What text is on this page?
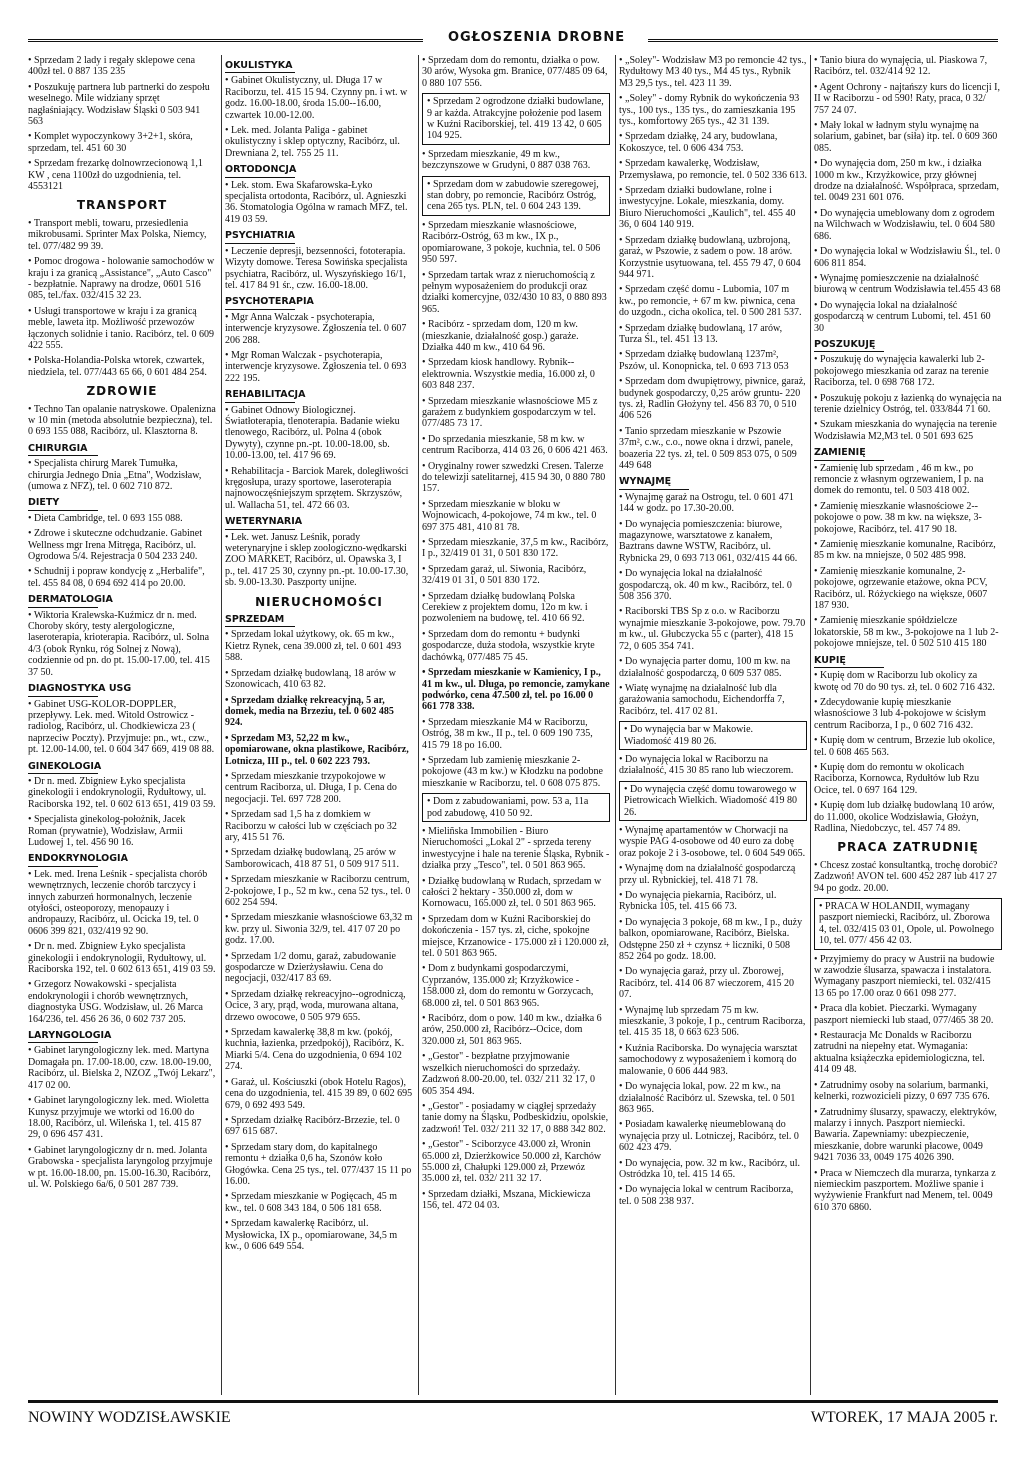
OGŁOSZENIA DROBNE
• Sprzedam 2 lady i regały sklepowe cena 400zł tel. 0 887 135 235
• Poszukuję partnera lub partnerki do zespołu weselnego. Mile widziany sprzęt nagłaśniający. Wodzisław Śląski 0 503 941 563
• Komplet wypoczynkowy 3+2+1, skóra, sprzedam, tel. 451 60 30
• Sprzedam frezarkę dolnowrzecionową 1,1 KW , cena 1100zł do uzgodnienia, tel. 4553121
TRANSPORT
• Transport mebli, towaru, przesiedlenia mikrobusami. Sprinter Max Polska, Niemcy, tel. 077/482 99 39.
• Pomoc drogowa - holowanie samochodów w kraju i za granicą „Assistance", „Auto Casco" - bezpłatnie. Naprawy na drodze, 0601 516 085, tel./fax. 032/415 32 23.
• Usługi transportowe w kraju i za granicą meble, laweta itp. Możliwość przewozów łączonych solidnie i tanio. Racibórz, tel. 0 609 422 555.
• Polska-Holandia-Polska wtorek, czwartek, niedziela, tel. 077/443 65 66, 0 601 484 254.
ZDROWIE
• Techno Tan opalanie natryskowe. Opalenizna w 10 min (metoda absolutnie bezpieczna), tel. 0 693 155 088, Racibórz, ul. Klasztorna 8.
CHIRURGIA
• Specjalista chirurg Marek Tumułka, chirurgia Jednego Dnia „Etna", Wodzisław, (umowa z NFZ), tel. 0 602 710 872.
DIETY
• Dieta Cambridge, tel. 0 693 155 088.
• Zdrowe i skuteczne odchudzanie. Gabinet Wellness mgr Irena Mitręga, Racibórz, ul. Ogrodowa 5/4. Rejestracja 0 504 233 240.
• Schudnij i popraw kondycję z „Herbalife", tel. 455 84 08, 0 694 692 414 po 20.00.
DERMATOLOGIA
• Wiktoria Kralewska-Kuźmicz dr n. med. Choroby skóry, testy alergologiczne, laseroterapia, krioterapia. Racibórz, ul. Solna 4/3 (obok Rynku, róg Solnej z Nową), codziennie od pn. do pt. 15.00-17.00, tel. 415 37 50.
DIAGNOSTYKA USG
• Gabinet USG-KOLOR-DOPPLER, przepływy. Lek. med. Witold Ostrowicz - radiolog, Racibórz, ul. Chodkiewicza 23 ( naprzeciw Poczty). Przyjmuje: pn., wt., czw., pt. 12.00-14.00, tel. 0 604 347 669, 419 08 88.
GINEKOLOGIA
• Dr n. med. Zbigniew Łyko specjalista ginekologii i endokrynologii, Rydułtowy, ul. Raciborska 192, tel. 0 602 613 651, 419 03 59.
• Specjalista ginekolog-położnik, Jacek Roman (prywatnie), Wodzisław, Armii Ludowej 1, tel. 456 90 16.
ENDOKRYNOLOGIA
• Lek. med. Irena Leśnik - specjalista chorób wewnętrznych, leczenie chorób tarczycy i innych zaburzeń hormonalnych, leczenie otyłości, osteoporozy, menopauzy i andropauzy, Racibórz, ul. Ocicka 19, tel. 0 0606 399 821, 032/419 92 90.
• Dr n. med. Zbigniew Łyko specjalista ginekologii i endokrynologii, Rydułtowy, ul. Raciborska 192, tel. 0 602 613 651, 419 03 59.
• Grzegorz Nowakowski - specjalista endokrynologii i chorób wewnętrznych, diagnostyka USG. Wodzisław, ul. 26 Marca 164/236, tel. 456 26 36, 0 602 737 205.
LARYNGOLOGIA
• Gabinet laryngologiczny lek. med. Martyna Domagała pn. 17.00-18.00, czw. 18.00-19.00, Racibórz, ul. Bielska 2, NZOZ „Twój Lekarz", 417 02 00.
• Gabinet laryngologiczny lek. med. Wioletta Kunysz przyjmuje we wtorki od 16.00 do 18.00, Racibórz, ul. Wileńska 1, tel. 415 87 29, 0 696 457 431.
• Gabinet laryngologiczny dr n. med. Jolanta Grabowska - specjalista laryngolog przyjmuje w pt. 16.00-18.00, pn. 15.00-16.30, Racibórz, ul. W. Polskiego 6a/6, 0 501 287 739.
OKULISTYKA
• Gabinet Okulistyczny, ul. Długa 17 w Raciborzu, tel. 415 15 94. Czynny pn. i wt. w godz. 16.00-18.00, środa 15.00--16.00, czwartek 10.00-12.00.
• Lek. med. Jolanta Paliga - gabinet okulistyczny i sklep optyczny, Racibórz, ul. Drewniana 2, tel. 755 25 11.
ORTODONCJA
• Lek. stom. Ewa Skafarowska-Łyko specjalista ortodonta, Racibórz, ul. Agnieszki 36. Stomatologia Ogólna w ramach MFZ, tel. 419 03 59.
PSYCHIATRIA
• Leczenie depresji, bezsenności, fototerapia. Wizyty domowe. Teresa Sowińska specjalista psychiatra, Racibórz, ul. Wyszyńskiego 16/1, tel. 417 84 91 śr., czw. 16.00-18.00.
PSYCHOTERAPIA
• Mgr Anna Walczak - psychoterapia, interwencje kryzysowe. Zgłoszenia tel. 0 607 206 288.
• Mgr Roman Walczak - psychoterapia, interwencje kryzysowe. Zgłoszenia tel. 0 693 222 195.
REHABILITACJA
• Gabinet Odnowy Biologicznej. Światłoterapia, tlenoterapia. Badanie wieku tlenowego, Racibórz, ul. Polna 4 (obok Dywyty), czynne pn.-pt. 10.00-18.00, sb. 10.00-13.00, tel. 417 96 69.
• Rehabilitacja - Barciok Marek, doległiwości kręgosłupa, urazy sportowe, laseroterapia najnowoczęśniejszym sprzętem. Skrzyszów, ul. Wallacha 51, tel. 472 66 03.
WETERYNARIA
• Lek. wet. Janusz Leśnik, porady weterynaryjne i sklep zoologiczno-wędkarski ZOO MARKET, Racibórz, ul. Opawska 3, I p., tel. 417 25 30, czynny pn.-pt. 10.00-17.30, sb. 9.00-13.30. Paszporty unijne.
NIERUCHOMOŚCI
SPRZEDAM
• Sprzedam lokal użytkowy, ok. 65 m kw., Kietrz Rynek, cena 39.000 zł, tel. 0 601 493 588.
• Sprzedam działkę budowlaną, 18 arów w Szonowicach, 410 63 82.
• Sprzedam działkę rekreacyjną, 5 ar, domek, media na Brzeziu, tel. 0 602 485 924.
• Sprzedam M3, 52,22 m kw., opomiarowane, okna plastikowe, Racibórz, Lotnicza, III p., tel. 0 602 223 793.
• Sprzedam mieszkanie trzypokojowe w centrum Raciborza, ul. Długa, I p. Cena do negocjacji. Tel. 697 728 200.
• Sprzedam sad 1,5 ha z domkiem w Raciborzu w całości lub w częściach po 32 ary, 415 51 76.
• Sprzedam działkę budowlaną, 25 arów w Samborowicach, 418 87 51, 0 509 917 511.
• Sprzedam mieszkanie w Raciborzu centrum, 2-pokojowe, I p., 52 m kw., cena 52 tys., tel. 0 602 254 594.
• Sprzedam mieszkanie własnościowe 63,32 m kw. przy ul. Siwonia 32/9, tel. 417 07 20 po godz. 17.00.
• Sprzedam 1/2 domu, garaż, zabudowanie gospodarcze w Dzierżysławiu. Cena do negocjacji, 032/417 83 69.
• Sprzedam działkę rekreacyjno--ogrodniczą, Ocice, 3 ary, prąd, woda, murowana altana, drzewo owocowe, 0 505 979 655.
• Sprzedam kawalerkę 38,8 m kw. (pokój, kuchnia, łazienka, przedpokój), Racibórz, K. Miarki 5/4. Cena do uzgodnienia, 0 694 102 274.
• Garaż, ul. Kościuszki (obok Hotelu Ragos), cena do uzgodnienia, tel. 415 39 89, 0 602 695 679, 0 692 493 549.
• Sprzedam działkę Racibórz-Brzezie, tel. 0 697 615 687.
• Sprzedam stary dom, do kapitalnego remontu + działka 0,6 ha, Szonów koło Głogówka. Cena 25 tys., tel. 077/437 15 11 po 16.00.
• Sprzedam mieszkanie w Pogięcach, 45 m kw., tel. 0 608 343 184, 0 506 181 658.
• Sprzedam kawalerkę Racibórz, ul. Mysłowicka, IX p., opomiarowane, 34,5 m kw., 0 606 649 554.
• Sprzedam dom do remontu, działka o pow. 30 arów, Wysoka gm. Branice, 077/485 09 64, 0 880 107 556.
• Sprzedam 2 ogrodzone działki budowlane, 9 ar każda. Atrakcyjne położenie pod lasem w Kuźni Raciborskiej, tel. 419 13 42, 0 605 104 925.
• Sprzedam mieszkanie, 49 m kw., bezczynszowe w Grudyni, 0 887 038 763.
• Sprzedam dom w zabudowie szeregowej, stan dobry, po remoncie, Racibórz Ostróg, cena 265 tys. PLN, tel. 0 604 243 139.
• Sprzedam mieszkanie własnościowe, Racibórz-Ostróg, 63 m kw., IX p., opomiarowane, 3 pokoje, kuchnia, tel. 0 506 950 597.
• Sprzedam tartak wraz z nieruchomością z pełnym wyposażeniem do produkcji oraz działki komercyjne, 032/430 10 83, 0 880 893 965.
• Racibórz - sprzedam dom, 120 m kw. (mieszkanie, działalność gosp.) garaże. Działka 440 m kw., 410 64 96.
• Sprzedam kiosk handlowy. Rybnik--elektrownia. Wszystkie media, 16.000 zł, 0 603 848 237.
• Sprzedam mieszkanie własnościowe M5 z garażem z budynkiem gospodarczym w tel. 077/485 73 17.
• Do sprzedania mieszkanie, 58 m kw. w centrum Raciborza, 414 03 26, 0 606 421 463.
• Oryginalny rower szwedzki Cresen. Talerze do telewizji satelitarnej, 415 94 30, 0 880 780 157.
• Sprzedam mieszkanie w bloku w Wojnowicach, 4-pokojowe, 74 m kw., tel. 0 697 375 481, 410 81 78.
• Sprzedam mieszkanie, 37,5 m kw., Racibórz, I p., 32/419 01 31, 0 501 830 172.
• Sprzedam garaż, ul. Siwonia, Racibórz, 32/419 01 31, 0 501 830 172.
• Sprzedam działkę budowlaną Polska Cerekiew z projektem domu, 12o m kw. i pozwoleniem na budowę, tel. 410 66 92.
• Sprzedam dom do remontu + budynki gospodarcze, duża stodoła, wszystkie kryte dachówką, 077/485 75 45.
• Sprzedam mieszkanie w Kamienicy, I p., 41 m kw., ul. Długa, po remoncie, zamykane podwórko, cena 47.500 zł, tel. po 16.00 0 661 778 338.
• Sprzedam mieszkanie M4 w Raciborzu, Ostróg, 38 m kw., II p., tel. 0 609 190 735, 415 79 18 po 16.00.
• Sprzedam lub zamienię mieszkanie 2-pokojowe (43 m kw.) w Kłodzku na podobne mieszkanie w Raciborzu, tel. 0 608 075 875.
• Dom z zabudowaniami, pow. 53 a, 11a pod zabudowę, 410 50 92.
• Mieliñska Immobilien - Biuro Nieruchomości „Lokal 2" - sprzeda tereny inwestycyjne i hale na terenie Śląska, Rybnik - działka przy „Tesco", tel. 0 501 863 965.
• Działkę budowlaną w Rudach, sprzedam w całości 2 hektary - 350.000 zł, dom w Kornowacu, 165.000 zł, tel. 0 501 863 965.
• Sprzedam dom w Kuźni Raciborskiej do dokończenia - 157 tys. zł, ciche, spokojne miejsce, Krzanowice - 175.000 zł i 120.000 zł, tel. 0 501 863 965.
• Dom z budynkami gospodarczymi, Cyprzanów, 135.000 zł; Krzyżkowice - 158.000 zł, dom do remontu w Gorzycach, 68.000 zł, tel. 0 501 863 965.
• Racibórz, dom o pow. 140 m kw., działka 6 arów, 250.000 zł, Racibórz--Ocice, dom 320.000 zł, 501 863 965.
• „Gestor" - bezpłatne przyjmowanie wszelkich nieruchomości do sprzedaży. Zadzwoń 8.00-20.00, tel. 032/ 211 32 17, 0 605 354 494.
• „Gestor" - posiadamy w ciągłej sprzedaży tanie domy na Śląsku, Podbeskidziu, opolskie, zadzwoń! Tel. 032/ 211 32 17, 0 888 342 802.
• „Gestor" - Sciborzyce 43.000 zł, Wronin 65.000 zł, Dzierżkowice 50.000 zł, Karchów 55.000 zł, Chałupki 129.000 zł, Przewóz 35.000 zł, tel. 032/ 211 32 17.
• Sprzedam działki, Mszana, Mickiewicza 156, tel. 472 04 03.
• „Soley"- Wodzisław M3 po remoncie 42 tys., Rydułtowy M3 40 tys., M4 45 tys., Rybnik M3 29,5 tys., tel. 423 11 39.
• „Soley" - domy Rybnik do wykończenia 93 tys., 100 tys., 135 tys., do zamieszkania 195 tys., komfortowy 265 tys., 42 31 139.
• Sprzedam działkę, 24 ary, budowlana, Kokoszyce, tel. 0 606 434 753.
• Sprzedam kawalerkę, Wodzisław, Przemysława, po remoncie, tel. 0 502 336 613.
• Sprzedam działki budowlane, rolne i inwestycyjne. Lokale, mieszkania, domy. Biuro Nieruchomości „Kaulich", tel. 455 40 36, 0 604 140 919.
• Sprzedam działkę budowlaną, uzbrojoną, garaż, w Pszowie, z sadem o pow. 18 arów. Korzystnie usytuowana, tel. 455 79 47, 0 604 944 971.
• Sprzedam część domu - Lubomia, 107 m kw., po remoncie, + 67 m kw. piwnica, cena do uzgodn., cicha okolica, tel. 0 500 281 537.
• Sprzedam działkę budowlaną, 17 arów, Turza Śl., tel. 451 13 13.
• Sprzedam działkę budowlaną 1237m², Pszów, ul. Konopnicka, tel. 0 693 713 053
• Sprzedam dom dwupiętrowy, piwnice, garaż, budynek gospodarczy, 0,25 arów gruntu- 220 tys. zł, Radlin Głożyny tel. 456 83 70, 0 510 406 526
• Tanio sprzedam mieszkanie w Pszowie 37m², c.w., c.o., nowe okna i drzwi, panele, boazeria 22 tys. zł, tel. 0 509 853 075, 0 509 449 648
WYNAJMĘ
• Wynajmę garaż na Ostrogu, tel. 0 601 471 144 w godz. po 17.30-20.00.
• Do wynajęcia pomieszczenia: biurowe, magazynowe, warsztatowe z kanałem, Baztrans dawne WSTW, Racibórz, ul. Rybnicka 29, 0 693 713 061, 032/415 44 66.
• Do wynajęcia lokal na działalność gospodarczą, ok. 40 m kw., Racibórz, tel. 0 508 356 370.
• Raciborski TBS Sp z o.o. w Raciborzu wynajmie mieszkanie 3-pokojowe, pow. 79.70 m kw., ul. Głubczycka 55 c (parter), 418 15 72, 0 605 354 741.
• Do wynajęcia parter domu, 100 m kw. na działalność gospodarczą, 0 609 537 085.
• Wiatę wynajmę na działalność lub dla garażowania samochodu, Eichendorffa 7, Racibórz, tel. 417 02 81.
• Do wynajęcia bar w Makowie. Wiadomość 419 80 26.
• Do wynajęcia lokal w Raciborzu na działalność, 415 30 85 rano lub wieczorem.
• Do wynajęcia część domu towarowego w Pietrowicach Wielkich. Wiadomość 419 80 26.
• Wynajmę apartamentów w Chorwacji na wyspie PAG 4-osobowe od 40 euro za dobę oraz pokoje 2 i 3-osobowe, tel. 0 604 549 065.
• Wynajmę dom na działalność gospodarczą przy ul. Rybnickiej, tel. 418 71 78.
• Do wynajęcia piekarnia, Racibórz, ul. Rybnicka 105, tel. 415 66 73.
• Do wynajęcia 3 pokoje, 68 m kw., I p., duży balkon, opomiarowane, Racibórz, Bielska. Odstępne 250 zł + czynsz + liczniki, 0 508 852 264 po godz. 18.00.
• Do wynajęcia garaż, przy ul. Zborowej, Racibórz, tel. 414 06 87 wieczorem, 415 20 07.
• Wynajmę lub sprzedam 75 m kw. mieszkanie, 3 pokoje, I p., centrum Raciborza, tel. 415 35 18, 0 663 623 506.
• Kuźnia Raciborska. Do wynajęcia warsztat samochodowy z wyposażeniem i komorą do malowanie, 0 606 444 983.
• Do wynajęcia lokal, pow. 22 m kw., na działalność Racibórz ul. Szewska, tel. 0 501 863 965.
• Posiadam kawalerkę nieumeblowaną do wynajęcia przy ul. Lotniczej, Racibórz, tel. 0 602 423 479.
• Do wynajęcia, pow. 32 m kw., Racibórz, ul. Ostródzka 10, tel. 415 14 65.
• Do wynajęcia lokal w centrum Raciborza, tel. 0 508 238 937.
• Tanio biura do wynajęcia, ul. Piaskowa 7, Racibórz, tel. 032/414 92 12.
• Agent Ochrony - najtańszy kurs do licencji I, II w Raciborzu - od 590! Raty, praca, 0 32/ 757 24 07.
• Mały lokal w ładnym stylu wynajmę na solarium, gabinet, bar (siła) itp. tel. 0 609 360 085.
• Do wynajęcia dom, 250 m kw., i działka 1000 m kw., Krzyżkowice, przy głównej drodze na działalność. Współpraca, sprzedam, tel. 0049 231 601 076.
• Do wynajęcia umeblowany dom z ogrodem na Wilchwach w Wodzisławiu, tel. 0 604 580 686.
• Do wynajęcia lokal w Wodzisławiu Śl., tel. 0 606 811 854.
• Wynajmę pomieszczenie na działalność biurową w centrum Wodzisławia tel.455 43 68
• Do wynajęcia lokal na działalność gospodarczą w centrum Lubomi, tel. 451 60 30
POSZUKUJĘ
• Poszukuję do wynajęcia kawalerki lub 2-pokojowego mieszkania od zaraz na terenie Raciborza, tel. 0 698 768 172.
• Poszukuję pokoju z łazienką do wynajęcia na terenie dzielnicy Ostróg, tel. 033/844 71 60.
• Szukam mieszkania do wynajęcia na terenie Wodzisławia M2,M3 tel. 0 501 693 625
ZAMIENIĘ
• Zamienię lub sprzedam , 46 m kw., po remoncie z własnym ogrzewaniem, I p. na domek do remontu, tel. 0 503 418 002.
• Zamienię mieszkanie własnościowe 2--pokojowe o pow. 38 m kw. na większe, 3-pokojowe, Racibórz, tel. 417 90 18.
• Zamienię mieszkanie komunalne, Racibórz, 85 m kw. na mniejsze, 0 502 485 998.
• Zamienię mieszkanie komunalne, 2-pokojowe, ogrzewanie etażowe, okna PCV, Racibórz, ul. Różyckiego na większe, 0607 187 930.
• Zamienię mieszkanie spółdzielcze lokatorskie, 58 m kw., 3-pokojowe na 1 lub 2-pokojowe mniejsze, tel. 0 502 510 415 180
KUPIĘ
• Kupię dom w Raciborzu lub okolicy za kwotę od 70 do 90 tys. zł, tel. 0 602 716 432.
• Zdecydowanie kupię mieszkanie własnościowe 3 lub 4-pokojowe w ścisłym centrum Raciborza, I p., 0 602 716 432.
• Kupię dom w centrum, Brzezie lub okolice, tel. 0 608 465 563.
• Kupię dom do remontu w okolicach Raciborza, Kornowca, Rydułtów lub Rzu Ocice, tel. 0 697 164 129.
• Kupię dom lub działkę budowlaną 10 arów, do 11.000, okolice Wodzisławia, Głożyn, Radlina, Niedobczyc, tel. 457 74 89.
PRACA ZATRUDNIĘ
• Chcesz zostać konsultantką, trochę dorobić? Zadzwoń! AVON tel. 600 452 287 lub 417 27 94 po godz. 20.00.
• PRACA W HOLANDII, wymagany paszport niemiecki, Racibórz, ul. Zborowa 4, tel. 032/415 03 01, Opole, ul. Powolnego 10, tel. 077/ 456 42 03.
• Przyjmiemy do pracy w Austrii na budowie w zawodzie ślusarza, spawacza i instalatora. Wymagany paszport niemiecki, tel. 032/415 13 65 po 17.00 oraz 0 661 098 277.
• Praca dla kobiet. Pieczarki. Wymagany paszport niemiecki lub staad, 077/465 38 20.
• Restauracja Mc Donalds w Raciborzu zatrudni na niepełny etat. Wymagania: aktualna książeczka epidemiologiczna, tel. 414 09 48.
• Zatrudnimy osoby na solarium, barmanki, kelnerki, rozwozicieli pizzy, 0 697 735 676.
• Zatrudnimy ślusarzy, spawaczy, elektryków, malarzy i innych. Paszport niemiecki. Bawaria. Zapewniamy: ubezpieczenie, mieszkanie, dobre warunki płacowe, 0049 9421 7036 33, 0049 175 4026 390.
• Praca w Niemczech dla murarza, tynkarza z niemieckim paszportem. Możliwe spanie i wyżywienie Frankfurt nad Menem, tel. 0049 610 370 6860.
NOWINY WODZISŁAWSKIE	WTOREK, 17 MAJA 2005 r.
